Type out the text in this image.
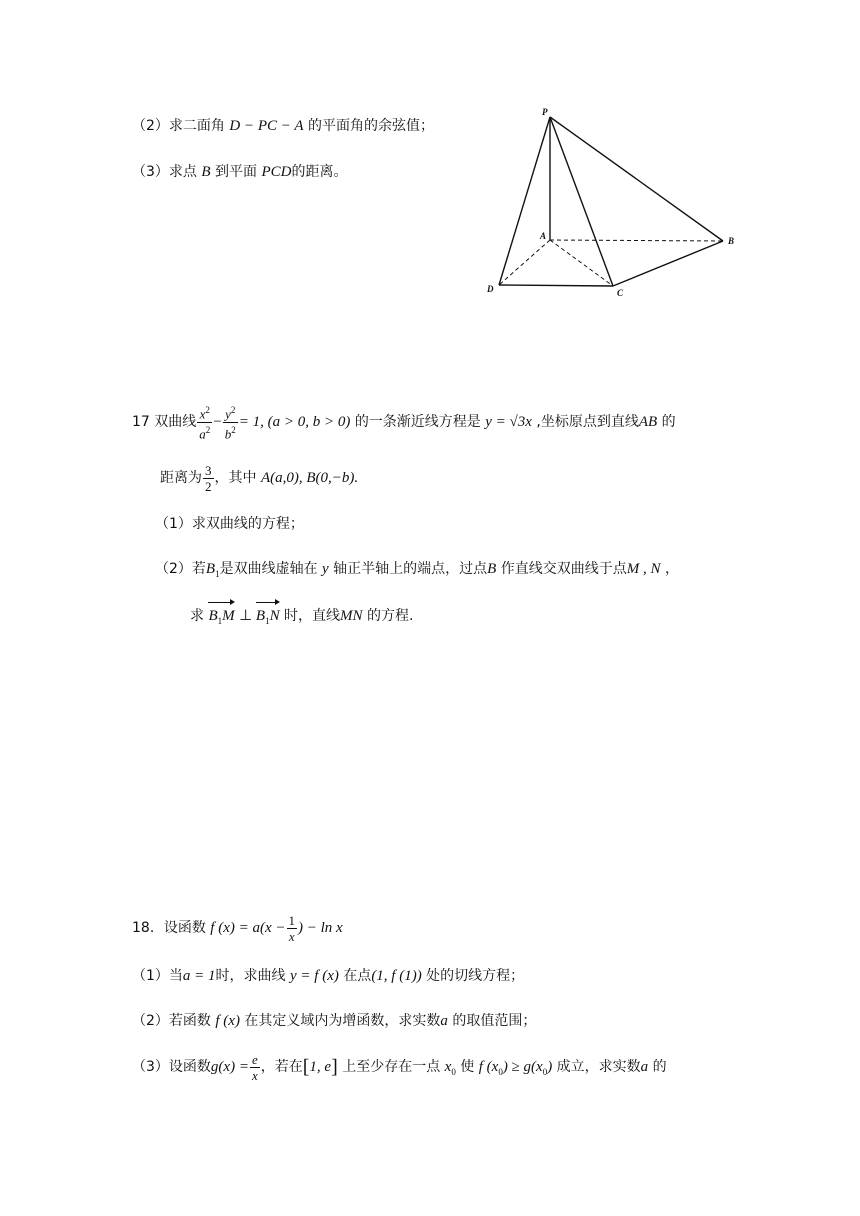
（2）求二面角 D − PC − A 的平面角的余弦值；
（3）求点 B 到平面 PCD的距离。
P
A	B
C
D
17 双曲线 $\frac{x^2}{a^2} - \frac{y^2}{b^2} = 1$, (a > 0, b > 0) 的一条渐近线方程是 y = √3x ,坐标原点到直线AB 的
距离为 $\frac{3}{2}$ ，其中 A(a,0), B(0,−b).
（1）求双曲线的方程；
（2）若$B_1$是双曲线虚轴在 y 轴正半轴上的端点，过点B 作直线交双曲线于点M , N ，
求 $B_1M$ ⊥ $B_1N$ 时，直线MN 的方程.
18．设函数 f $(x) = a(x - \frac{1}{x}$ ) − ln x
（1）当a = 1时，求曲线 y = f (x) 在点(1, f (1)) 处的切线方程；
（2）若函数 f (x) 在其定义域内为增函数，求实数a 的取值范围；
（3）设函数$g(x) = \frac{e}{x}$ ，若在[1, e] 上至少存在一点 $x_0$ 使 f $(x_0) \ge g(x_0)$ 成立，求实数a 的
